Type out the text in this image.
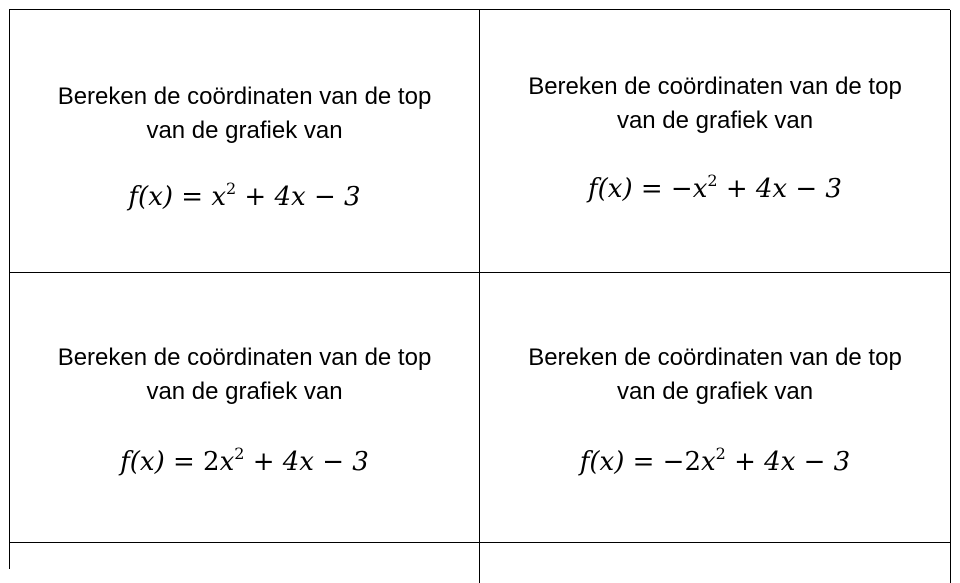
Bereken de coördinaten van de top
van de grafiek van
$f(x) = x^2 + 4x - 3$
Bereken de coördinaten van de top
van de grafiek van
$f(x) = -x^2 + 4x - 3$
Bereken de coördinaten van de top
van de grafiek van
$f(x) = 2x^2 + 4x - 3$
Bereken de coördinaten van de top
van de grafiek van
$f(x) = -2x^2 + 4x - 3$
